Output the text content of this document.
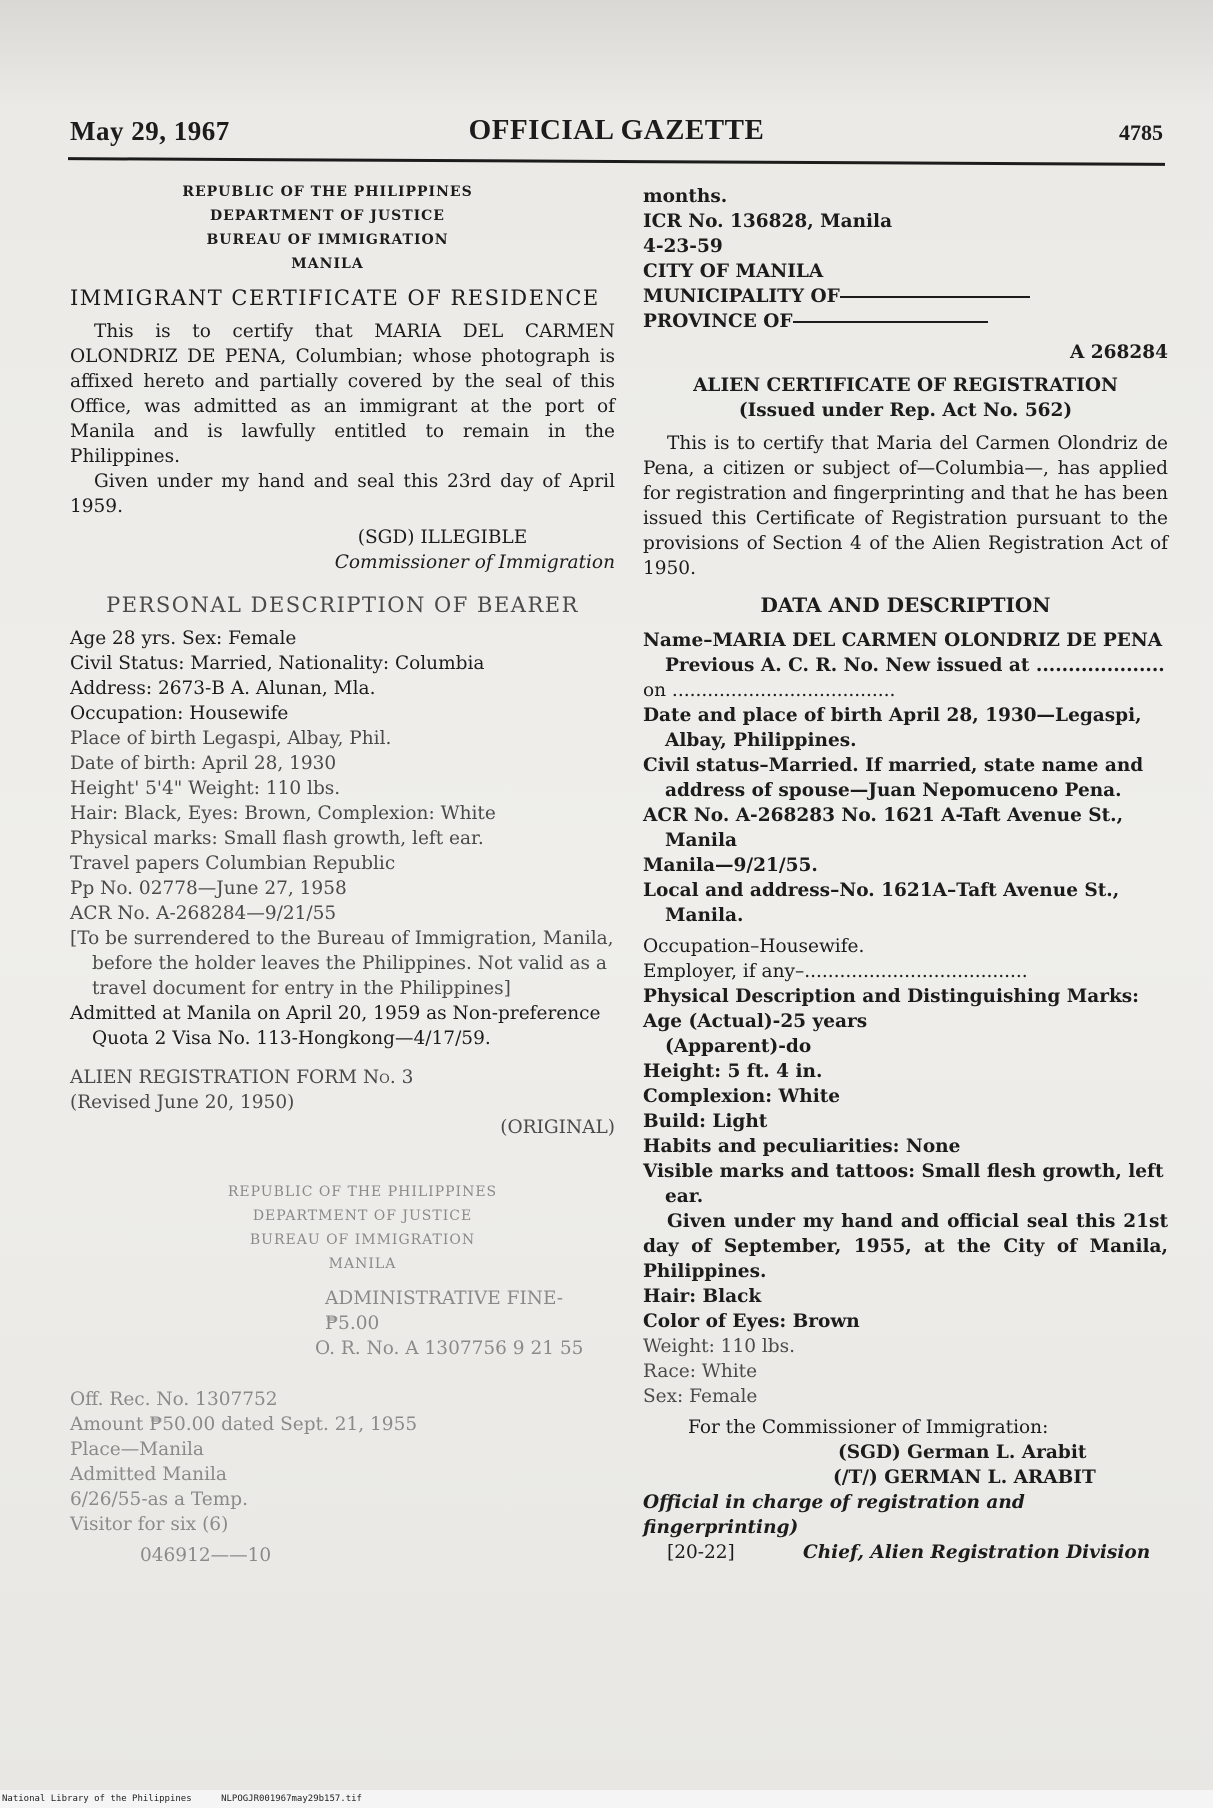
May 29, 1967	OFFICIAL GAZETTE	4785
REPUBLIC OF THE PHILIPPINES
DEPARTMENT OF JUSTICE
BUREAU OF IMMIGRATION
MANILA
IMMIGRANT CERTIFICATE OF RESIDENCE

This is to certify that MARIA DEL CARMEN OLONDRIZ DE PENA, Columbian; whose photograph is affixed hereto and partially covered by the seal of this Office, was admitted as an immigrant at the port of Manila and is lawfully entitled to remain in the Philippines.

Given under my hand and seal this 23rd day of April 1959.

(SGD) ILLEGIBLE
Commissioner of Immigration
PERSONAL DESCRIPTION OF BEARER
Age 28 yrs. Sex: Female
Civil Status: Married, Nationality: Columbia
Address: 2673-B A. Alunan, Mla.
Occupation: Housewife
Place of birth Legaspi, Albay, Phil.
Date of birth: April 28, 1930
Height' 5'4" Weight: 110 lbs.
Hair: Black, Eyes: Brown, Complexion: White
Physical marks: Small flash growth, left ear.
Travel papers Columbian Republic
Pp No. 02778—June 27, 1958
ACR No. A-268284—9/21/55

[To be surrendered to the Bureau of Immigration, Manila, before the holder leaves the Philippines. Not valid as a travel document for entry in the Philippines]

Admitted at Manila on April 20, 1959 as Non-preference Quota 2 Visa No. 113-Hongkong—4/17/59.

ALIEN REGISTRATION FORM No. 3
(Revised June 20, 1950)
(ORIGINAL)
REPUBLIC OF THE PHILIPPINES
DEPARTMENT OF JUSTICE
BUREAU OF IMMIGRATION
MANILA
ADMINISTRATIVE FINE-₱5.00
O. R. No. A 1307756 9 21 55
Off. Rec. No. 1307752
Amount ₱50.00 dated Sept. 21, 1955
Place—Manila
Admitted Manila
6/26/55-as a Temp.
Visitor for six (6)
046912——10
months.
ICR No. 136828, Manila
4-23-59
CITY OF MANILA
MUNICIPALITY OF
PROVINCE OF
A 268284
ALIEN CERTIFICATE OF REGISTRATION
(Issued under Rep. Act No. 562)

This is to certify that Maria del Carmen Olondriz de Pena, a citizen or subject of—Columbia—, has applied for registration and fingerprinting and that he has been issued this Certificate of Registration pursuant to the provisions of Section 4 of the Alien Registration Act of 1950.

DATA AND DESCRIPTION
Name–MARIA DEL CARMEN OLONDRIZ DE PENA
Previous A. C. R. No. New issued at ....................
on ......................................

Date and place of birth April 28, 1930—Legaspi, Albay, Philippines.

Civil status–Married. If married, state name and address of spouse—Juan Nepomuceno Pena.

ACR No. A-268283 No. 1621 A-Taft Avenue St., Manila

Manila—9/21/55.

Local and address–No. 1621A–Taft Avenue St., Manila.

Occupation–Housewife.
Employer, if any–......................................
Physical Description and Distinguishing Marks:
Age (Actual)-25 years
(Apparent)-do
Height: 5 ft. 4 in.
Complexion: White
Build: Light
Habits and peculiarities: None

Visible marks and tattoos: Small flesh growth, left ear.

Given under my hand and official seal this 21st day of September, 1955, at the City of Manila, Philippines.

Hair: Black
Color of Eyes: Brown
Weight: 110 lbs.
Race: White
Sex: Female
For the Commissioner of Immigration:
(SGD) German L. Arabit
(/T/) GERMAN L. ARABIT
Official in charge of registration and fingerprinting)
[20-22]	Chief, Alien Registration Division
National Library of the Philippines	NLPOGJR001967may29b157.tif
